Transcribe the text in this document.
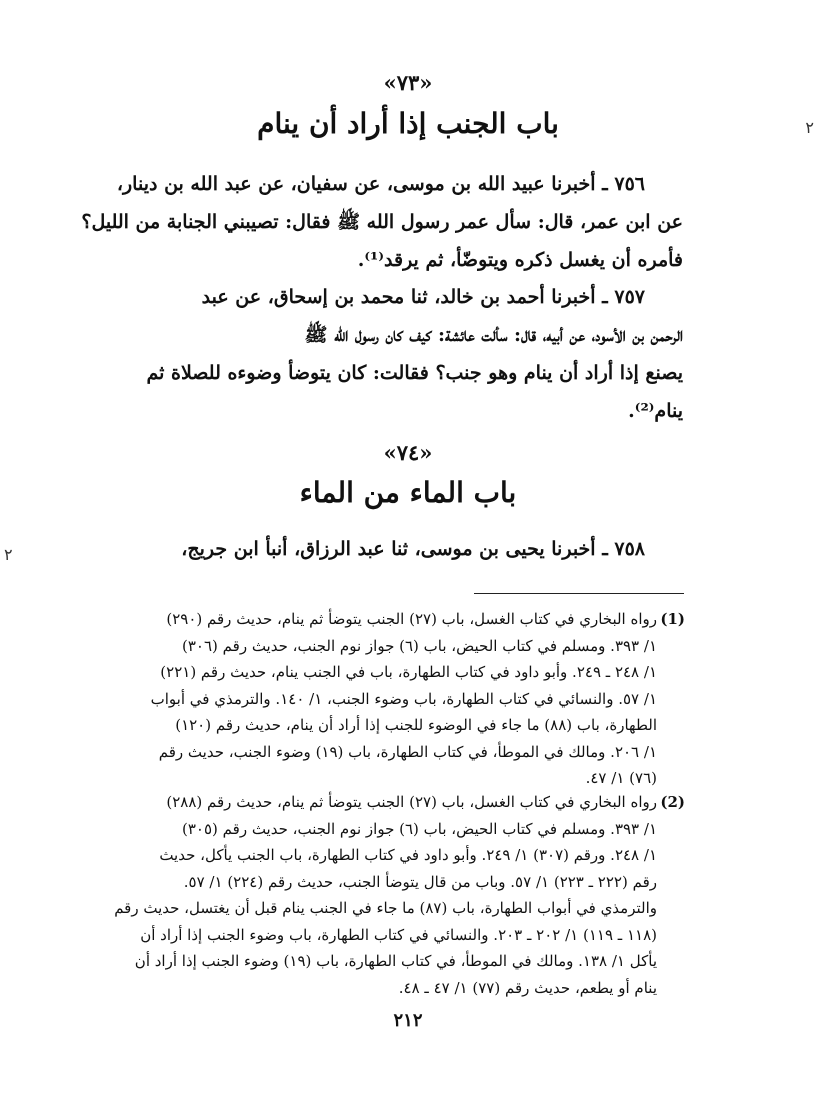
٢
٢
«٧٣»
باب الجنب إذا أراد أن ينام
٧٥٦ ـ أخبرنا عبيد الله بن موسى، عن سفيان، عن عبد الله بن دينار،
عن ابن عمر، قال: سأل عمر رسول الله ﷺ فقال: تصيبني الجنابة من الليل؟
فأمره أن يغسل ذكره ويتوضّأ، ثم يرقد⁽¹⁾.
٧٥٧ ـ أخبرنا أحمد بن خالد، ثنا محمد بن إسحاق، عن عبد
الرحمن بن الأسود، عن أبيه، قال: سألت عائشة: كيف كان رسول الله ﷺ
يصنع إذا أراد أن ينام وهو جنب؟ فقالت: كان يتوضأ وضوءه للصلاة ثم
ينام⁽²⁾.
«٧٤»
باب الماء من الماء
٧٥٨ ـ أخبرنا يحيى بن موسى، ثنا عبد الرزاق، أنبأ ابن جريج،
(1)
رواه البخاري في كتاب الغسل، باب (٢٧) الجنب يتوضأ ثم ينام، حديث رقم (٢٩٠)
١/ ٣٩٣. ومسلم في كتاب الحيض، باب (٦) جواز نوم الجنب، حديث رقم (٣٠٦)
١/ ٢٤٨ ـ ٢٤٩. وأبو داود في كتاب الطهارة، باب في الجنب ينام، حديث رقم (٢٢١)
١/ ٥٧. والنسائي في كتاب الطهارة، باب وضوء الجنب، ١/ ١٤٠. والترمذي في أبواب
الطهارة، باب (٨٨) ما جاء في الوضوء للجنب إذا أراد أن ينام، حديث رقم (١٢٠)
١/ ٢٠٦. ومالك في الموطأ، في كتاب الطهارة، باب (١٩) وضوء الجنب، حديث رقم
(٧٦) ١/ ٤٧.
(2)
رواه البخاري في كتاب الغسل، باب (٢٧) الجنب يتوضأ ثم ينام، حديث رقم (٢٨٨)
١/ ٣٩٣. ومسلم في كتاب الحيض، باب (٦) جواز نوم الجنب، حديث رقم (٣٠٥)
١/ ٢٤٨. ورقم (٣٠٧) ١/ ٢٤٩. وأبو داود في كتاب الطهارة، باب الجنب يأكل، حديث
رقم (٢٢٢ ـ ٢٢٣) ١/ ٥٧. وباب من قال يتوضأ الجنب، حديث رقم (٢٢٤) ١/ ٥٧.
والترمذي في أبواب الطهارة، باب (٨٧) ما جاء في الجنب ينام قبل أن يغتسل، حديث رقم
(١١٨ ـ ١١٩) ١/ ٢٠٢ ـ ٢٠٣. والنسائي في كتاب الطهارة، باب وضوء الجنب إذا أراد أن
يأكل ١/ ١٣٨. ومالك في الموطأ، في كتاب الطهارة، باب (١٩) وضوء الجنب إذا أراد أن
ينام أو يطعم، حديث رقم (٧٧) ١/ ٤٧ ـ ٤٨.
٢١٢
